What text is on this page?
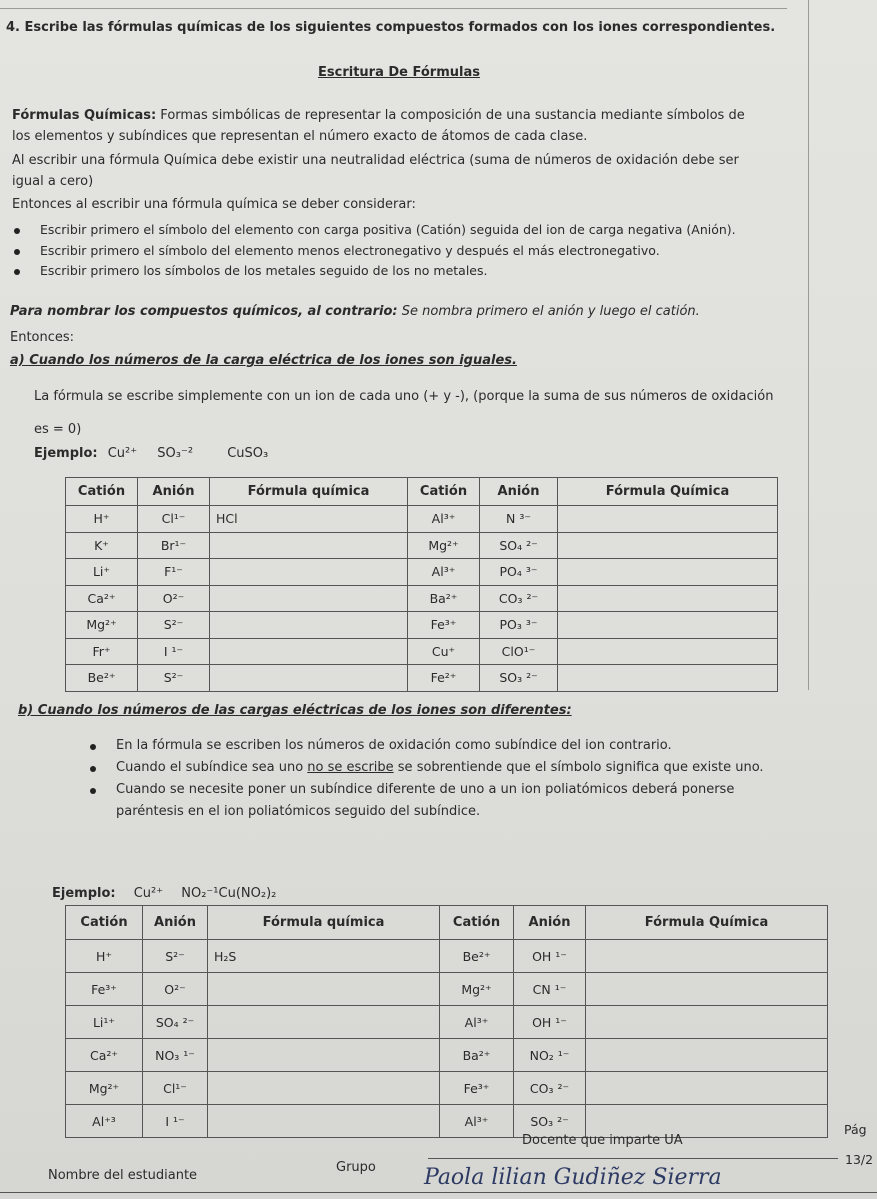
4. Escribe las fórmulas químicas de los siguientes compuestos formados con los iones correspondientes.
Escritura De Fórmulas
Fórmulas Químicas: Formas simbólicas de representar la composición de una sustancia mediante símbolos de
los elementos y subíndices que representan el número exacto de átomos de cada clase.
Al escribir una fórmula Química debe existir una neutralidad eléctrica (suma de números de oxidación debe ser
igual a cero)
Entonces al escribir una fórmula química se deber considerar:
Escribir primero el símbolo del elemento con carga positiva (Catión) seguida del ion de carga negativa (Anión).
Escribir primero el símbolo del elemento menos electronegativo y después el más electronegativo.
Escribir primero los símbolos de los metales seguido de los no metales.
Para nombrar los compuestos químicos, al contrario: Se nombra primero el anión y luego el catión.
Entonces:
a) Cuando los números de la carga eléctrica de los iones son iguales.
La fórmula se escribe simplemente con un ion de cada uno (+ y -), (porque la suma de sus números de oxidación
es = 0)
Ejemplo: Cu²⁺ SO₃⁻²	CuSO₃
Catión	Anión	Fórmula química	Catión	Anión	Fórmula Química
H⁺	Cl¹⁻	HCl	Al³⁺	N ³⁻	
K⁺	Br¹⁻		Mg²⁺	SO₄ ²⁻	
Li⁺	F¹⁻		Al³⁺	PO₄ ³⁻	
Ca²⁺	O²⁻		Ba²⁺	CO₃ ²⁻	
Mg²⁺	S²⁻		Fe³⁺	PO₃ ³⁻	
Fr⁺	I ¹⁻		Cu⁺	ClO¹⁻	
Be²⁺	S²⁻		Fe²⁺	SO₃ ²⁻	
b) Cuando los números de las cargas eléctricas de los iones son diferentes:
En la fórmula se escriben los números de oxidación como subíndice del ion contrario.
Cuando el subíndice sea uno no se escribe se sobrentiende que el símbolo significa que existe uno.
Cuando se necesite poner un subíndice diferente de uno a un ion poliatómicos deberá ponerse
paréntesis en el ion poliatómicos seguido del subíndice.
Ejemplo: Cu²⁺ NO₂⁻¹Cu(NO₂)₂
Catión	Anión	Fórmula química	Catión	Anión	Fórmula Química
H⁺	S²⁻	H₂S	Be²⁺	OH ¹⁻	
Fe³⁺	O²⁻		Mg²⁺	CN ¹⁻	
Li¹⁺	SO₄ ²⁻		Al³⁺	OH ¹⁻	
Ca²⁺	NO₃ ¹⁻		Ba²⁺	NO₂ ¹⁻	
Mg²⁺	Cl¹⁻		Fe³⁺	CO₃ ²⁻	
Al⁺³	I ¹⁻		Al³⁺	SO₃ ²⁻	
Nombre del estudiante
Grupo
Docente que imparte UA
Pág
13/2
Paola lilian Gudiñez Sierra
